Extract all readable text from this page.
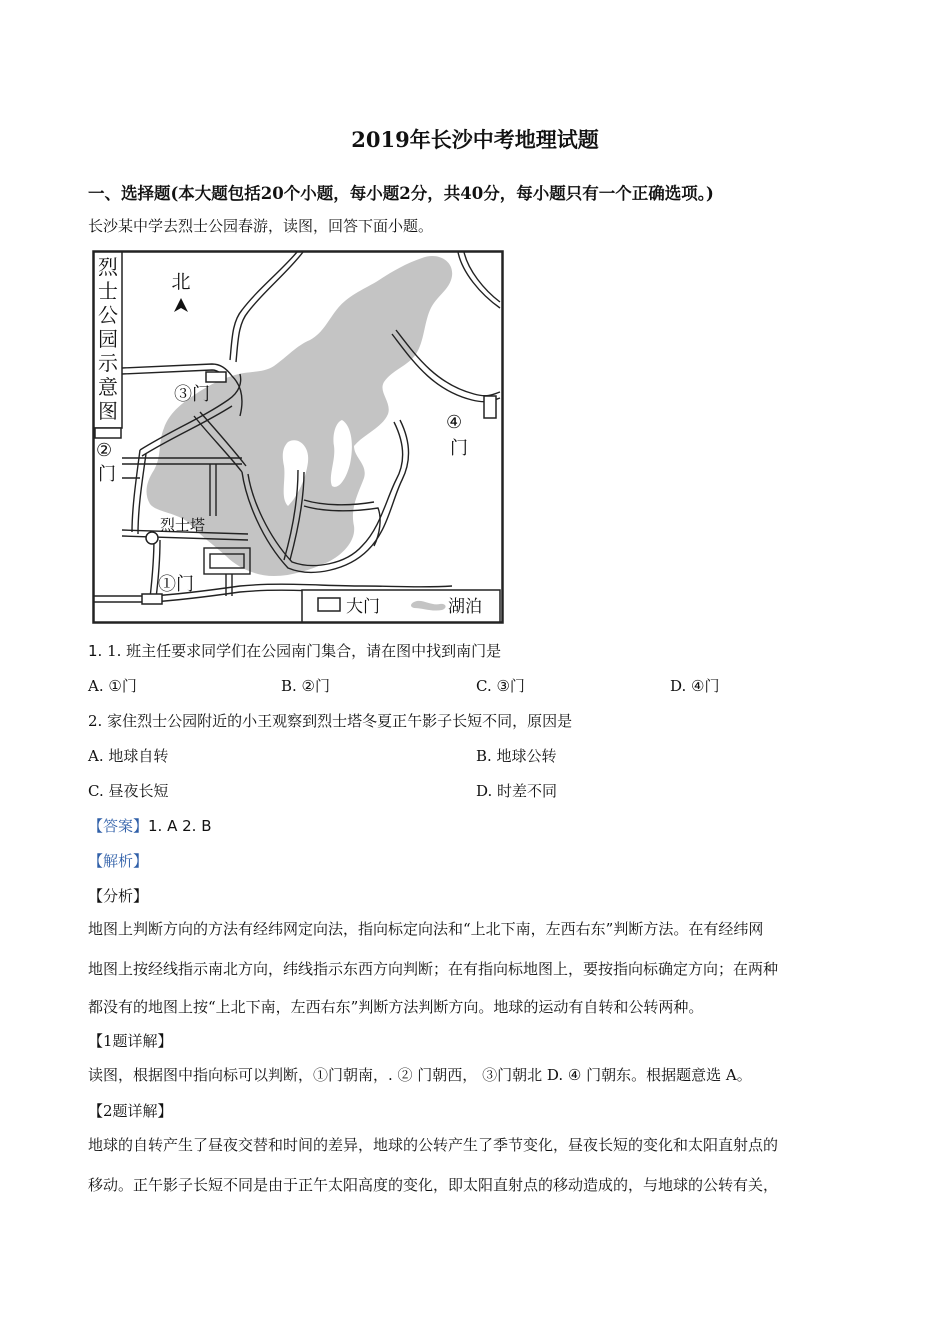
2019年长沙中考地理试题
一、选择题(本大题包括20个小题，每小题2分，共40分，每小题只有一个正确选项。)
长沙某中学去烈士公园春游，读图，回答下面小题。
烈
士
公
园
示
意
图
北
③门
②
门
④
门
①门
烈士塔
大门	湖泊
1. 1. 班主任要求同学们在公园南门集合，请在图中找到南门是
A. ①门	B. ②门	C. ③门	D. ④门
2. 家住烈士公园附近的小王观察到烈士塔冬夏正午影子长短不同，原因是
A. 地球自转	B. 地球公转
C. 昼夜长短	D. 时差不同
【答案】1. A 2. B
【解析】
【分析】
地图上判断方向的方法有经纬网定向法，指向标定向法和“上北下南，左西右东”判断方法。在有经纬网
地图上按经线指示南北方向，纬线指示东西方向判断；在有指向标地图上，要按指向标确定方向；在两种
都没有的地图上按“上北下南，左西右东”判断方法判断方向。地球的运动有自转和公转两种。
【1题详解】
读图，根据图中指向标可以判断，①门朝南，. ② 门朝西， ③门朝北 D. ④ 门朝东。根据题意选 A。
【2题详解】
地球的自转产生了昼夜交替和时间的差异，地球的公转产生了季节变化，昼夜长短的变化和太阳直射点的
移动。正午影子长短不同是由于正午太阳高度的变化，即太阳直射点的移动造成的，与地球的公转有关，
